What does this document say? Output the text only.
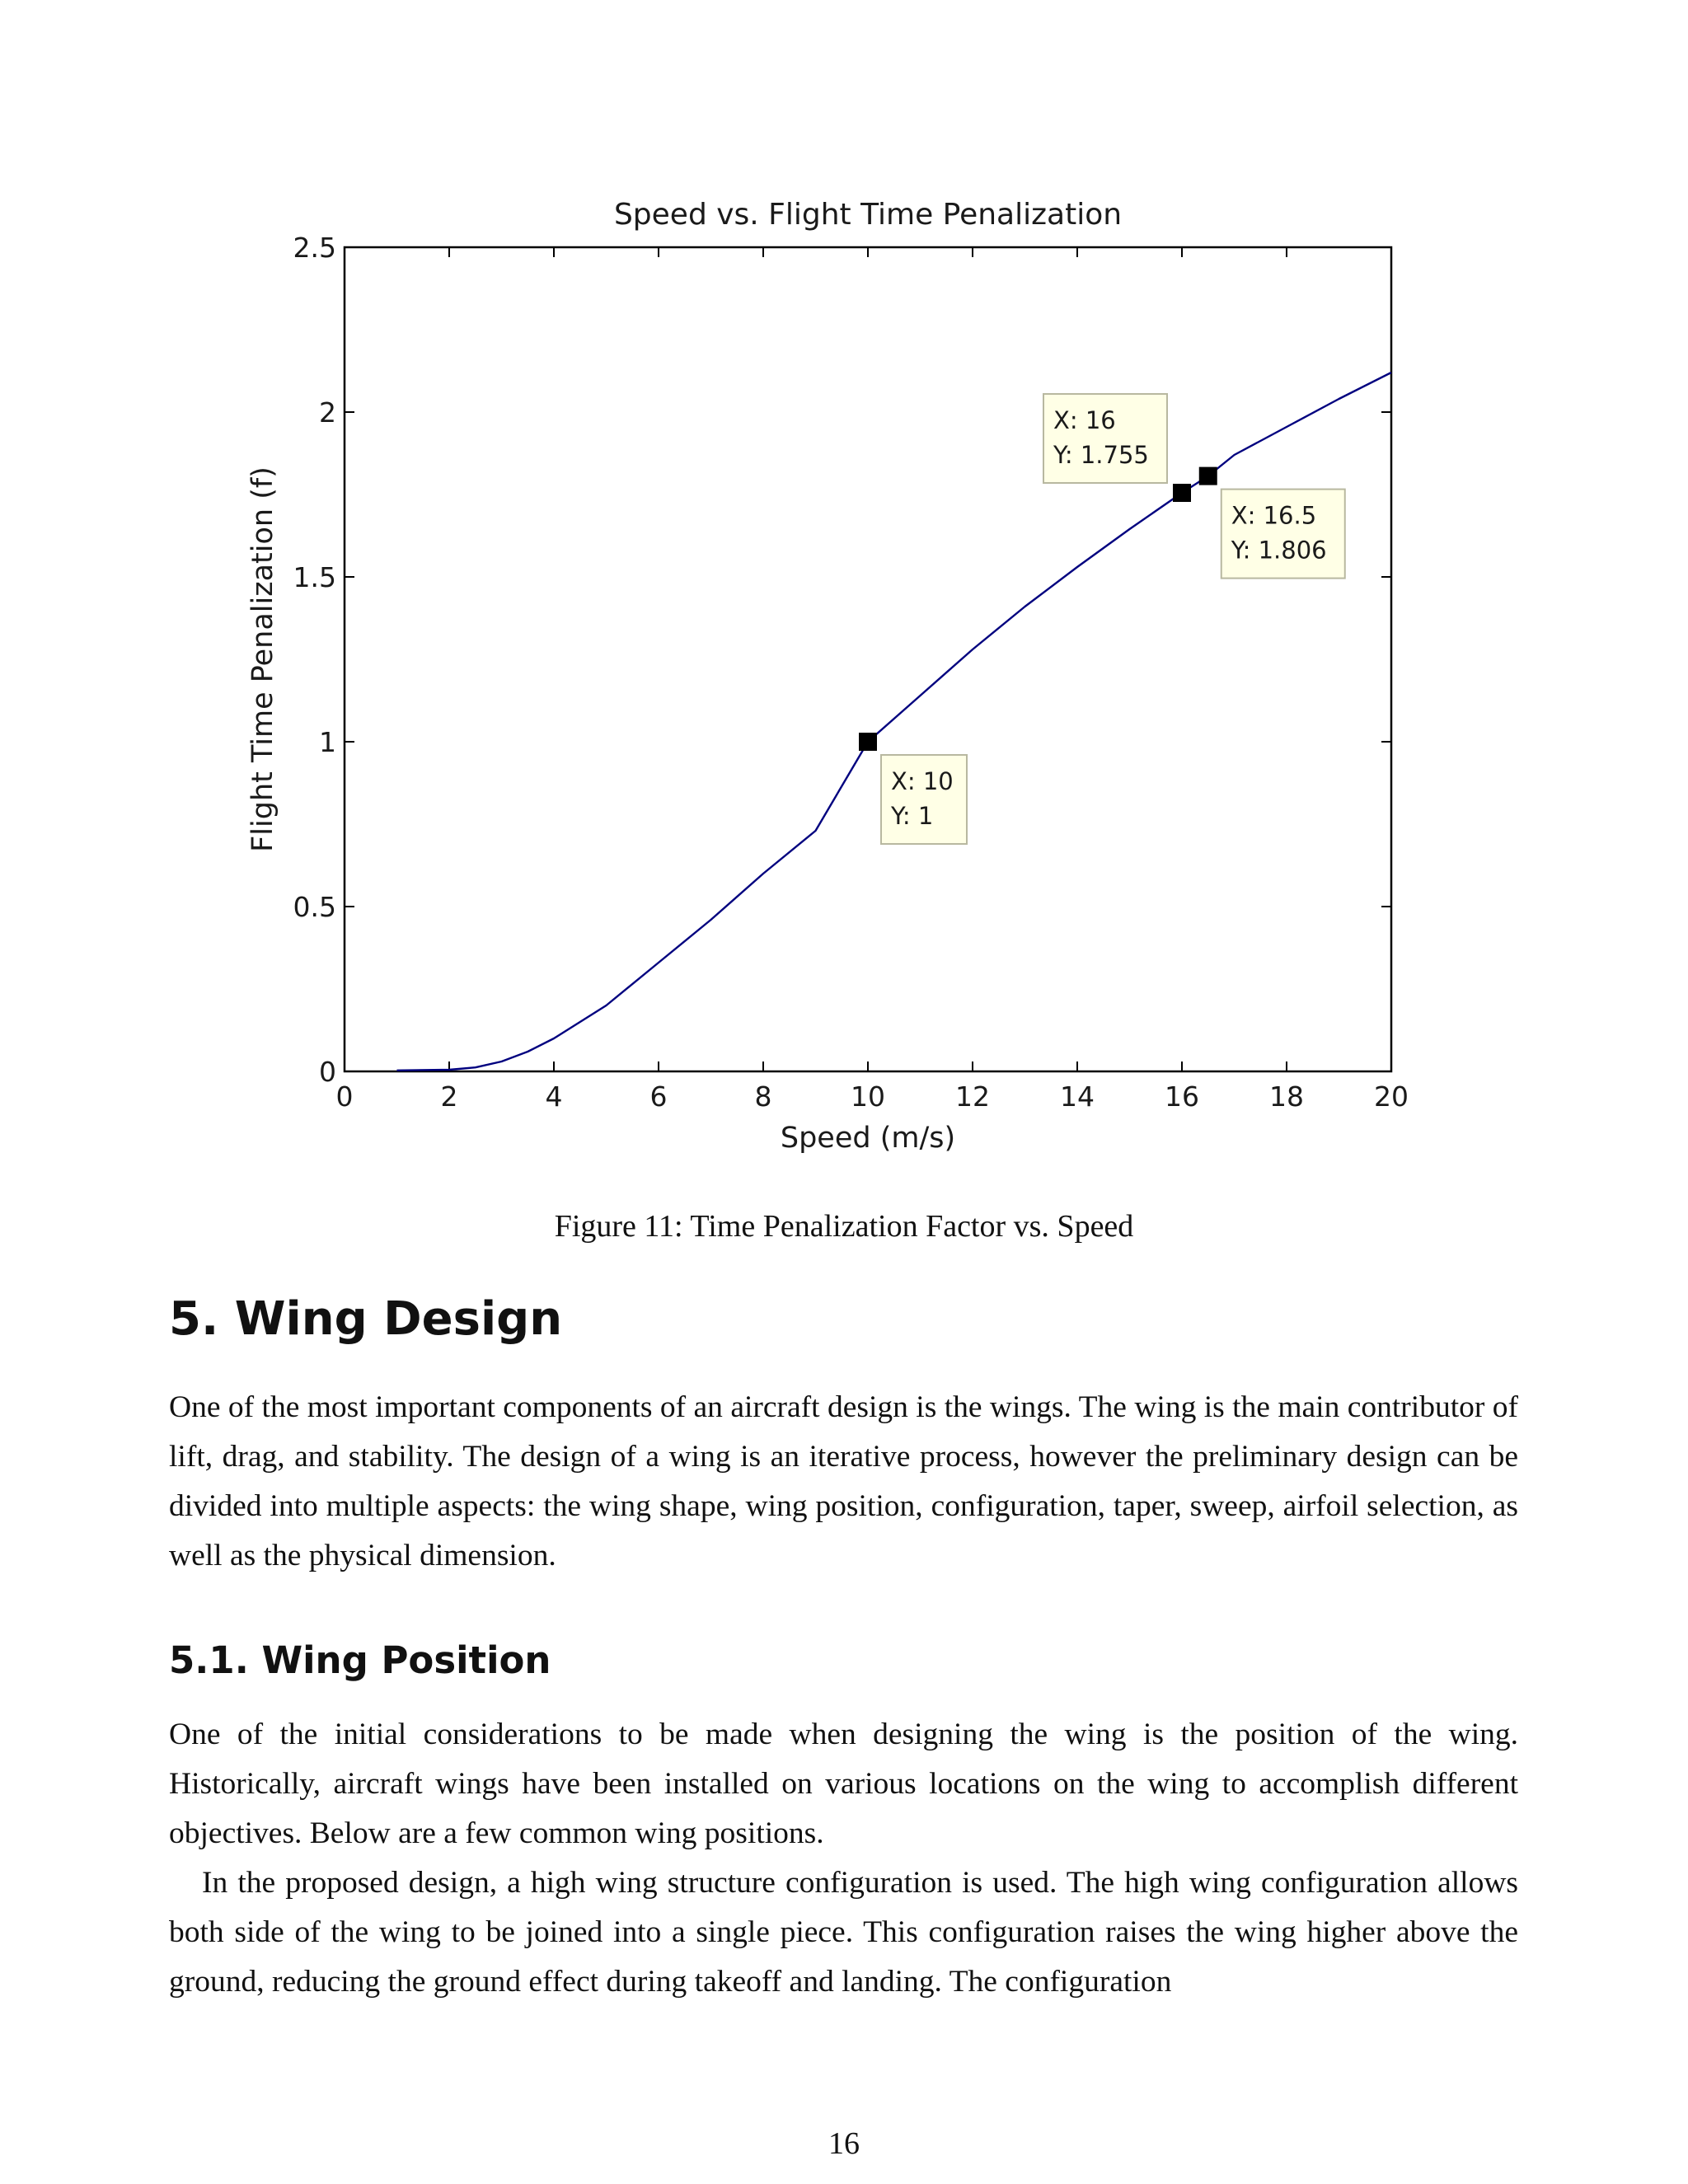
Speed vs. Flight Time Penalization
0	2	4	6	8	10	12	14	16	18	20
0
0.5
1
1.5
2
2.5
Speed (m/s)
Flight Time Penalization (f)	X: 10
Y: 1
X: 16
Y: 1.755
X: 16.5
Y: 1.806
Figure 11: Time Penalization Factor vs. Speed
5. Wing Design

One of the most important components of an aircraft design is the wings. The wing is the main contributor of lift, drag, and stability. The design of a wing is an iterative process, however the preliminary design can be divided into multiple aspects: the wing shape, wing position, configuration, taper, sweep, airfoil selection, as well as the physical dimension.

5.1. Wing Position

One of the initial considerations to be made when designing the wing is the position of the wing. Historically, aircraft wings have been installed on various locations on the wing to accomplish different objectives. Below are a few common wing positions.

In the proposed design, a high wing structure configuration is used. The high wing configuration allows both side of the wing to be joined into a single piece. This configuration raises the wing higher above the ground, reducing the ground effect during takeoff and landing. The configuration

16
